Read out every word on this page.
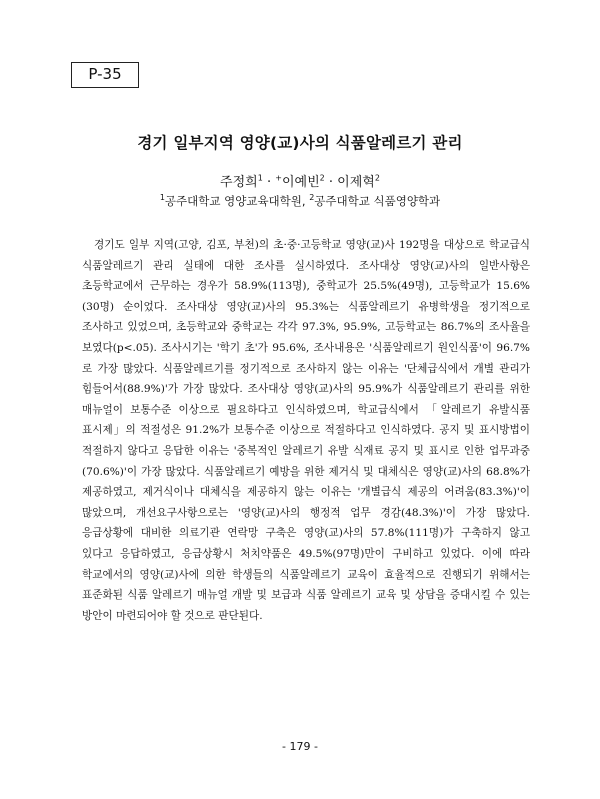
P-35
경기 일부지역 영양(교)사의 식품알레르기 관리
주정희$^1$ · +이예빈$^2$ · 이제혁$^2$
$^1$공주대학교 영양교육대학원, $^2$공주대학교 식품영양학과

경기도 일부 지역(고양, 김포, 부천)의 초·중·고등학교 영양(교)사 192명을 대상으로 학교급식 식품알레르기 관리 실태에 대한 조사를 실시하였다. 조사대상 영양(교)사의 일반사항은 초등학교에서 근무하는 경우가 58.9%(113명), 중학교가 25.5%(49명), 고등학교가 15.6%(30명) 순이었다. 조사대상 영양(교)사의 95.3%는 식품알레르기 유병학생을 정기적으로 조사하고 있었으며, 초등학교와 중학교는 각각 97.3%, 95.9%, 고등학교는 86.7%의 조사율을 보였다(p<.05). 조사시기는 '학기 초'가 95.6%, 조사내용은 '식품알레르기 원인식품'이 96.7%로 가장 많았다. 식품알레르기를 정기적으로 조사하지 않는 이유는 '단체급식에서 개별 관리가 힘들어서(88.9%)'가 가장 많았다. 조사대상 영양(교)사의 95.9%가 식품알레르기 관리를 위한 매뉴얼이 보통수준 이상으로 필요하다고 인식하였으며, 학교급식에서 「알레르기 유발식품 표시제」의 적절성은 91.2%가 보통수준 이상으로 적절하다고 인식하였다. 공지 및 표시방법이 적절하지 않다고 응답한 이유는 '중복적인 알레르기 유발 식재료 공지 및 표시로 인한 업무과중(70.6%)'이 가장 많았다. 식품알레르기 예방을 위한 제거식 및 대체식은 영양(교)사의 68.8%가 제공하였고, 제거식이나 대체식을 제공하지 않는 이유는 '개별급식 제공의 어려움(83.3%)'이 많았으며, 개선요구사항으로는 '영양(교)사의 행정적 업무 경감(48.3%)'이 가장 많았다. 응급상황에 대비한 의료기관 연락망 구축은 영양(교)사의 57.8%(111명)가 구축하지 않고 있다고 응답하였고, 응급상황시 처치약품은 49.5%(97명)만이 구비하고 있었다. 이에 따라 학교에서의 영양(교)사에 의한 학생들의 식품알레르기 교육이 효율적으로 진행되기 위해서는 표준화된 식품 알레르기 매뉴얼 개발 및 보급과 식품 알레르기 교육 및 상담을 증대시킬 수 있는 방안이 마련되어야 할 것으로 판단된다.

- 179 -
